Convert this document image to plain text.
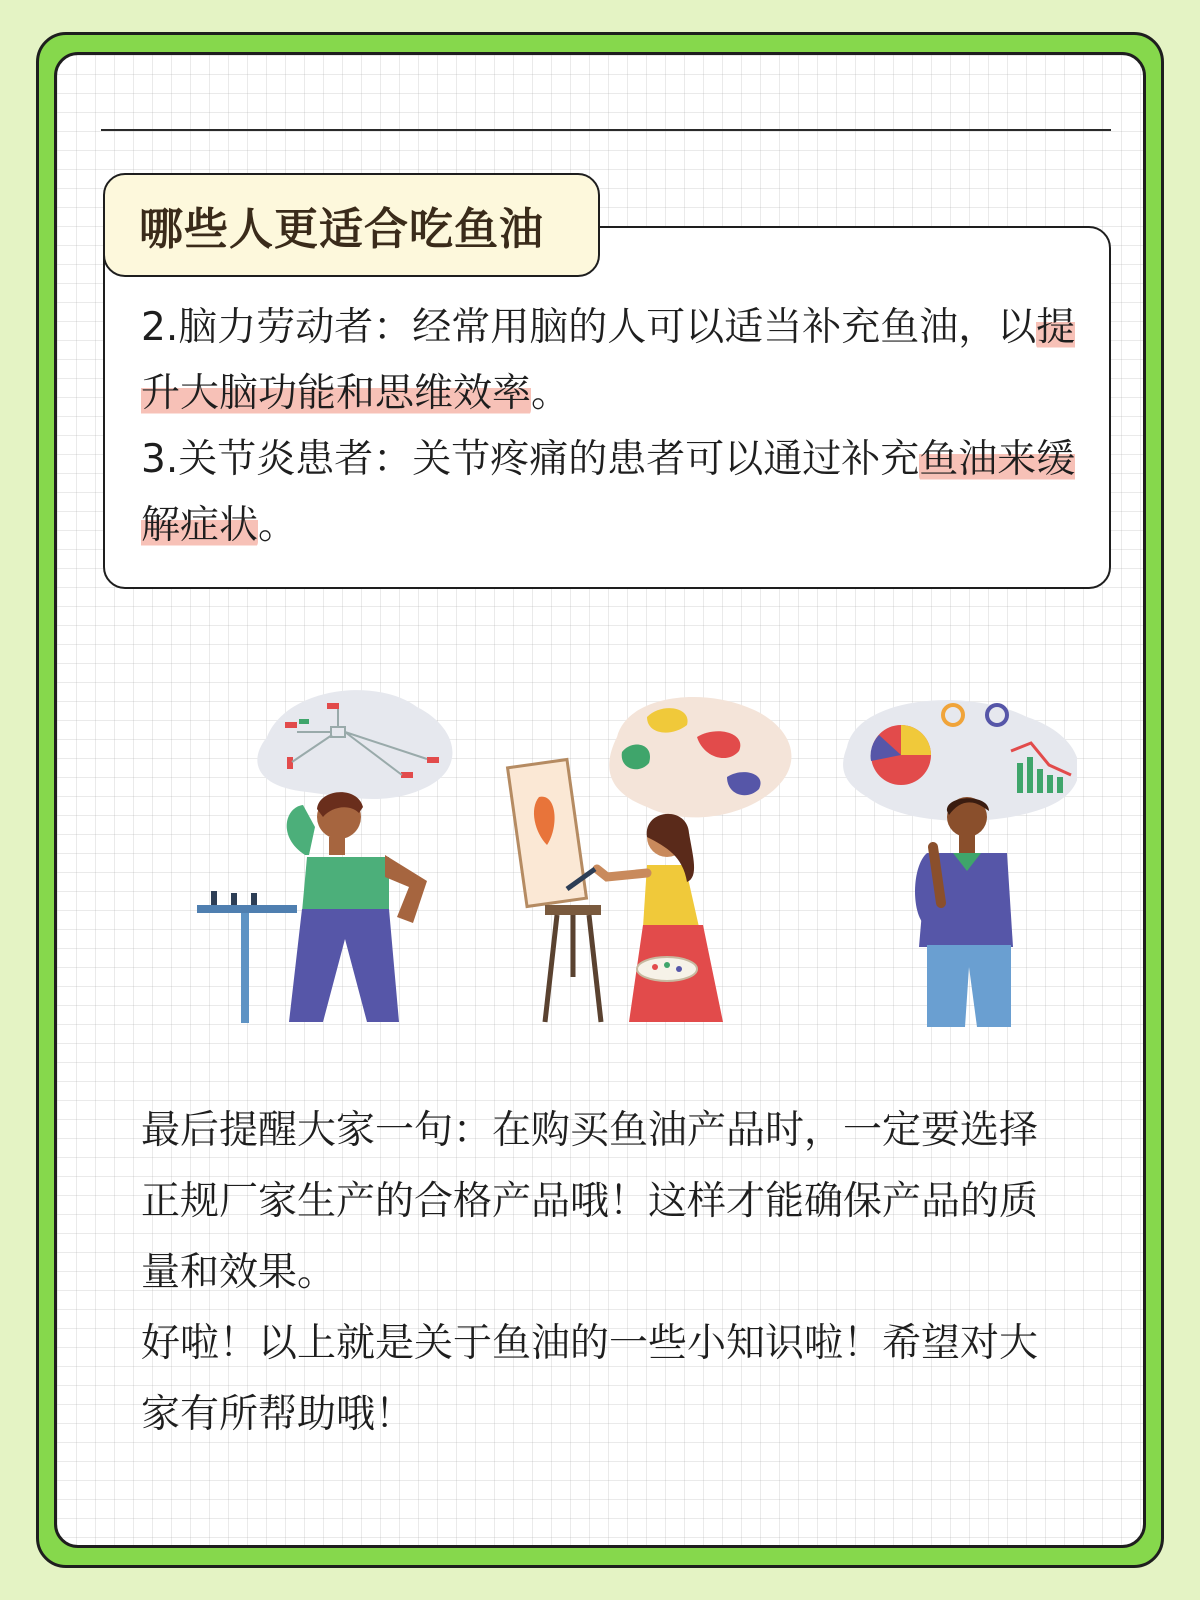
哪些人更适合吃鱼油

2.脑力劳动者：经常用脑的人可以适当补充鱼油，以提升大脑功能和思维效率。

3.关节炎患者：关节疼痛的患者可以通过补充鱼油来缓解症状。

最后提醒大家一句：在购买鱼油产品时，一定要选择正规厂家生产的合格产品哦！这样才能确保产品的质量和效果。

好啦！以上就是关于鱼油的一些小知识啦！希望对大家有所帮助哦！
